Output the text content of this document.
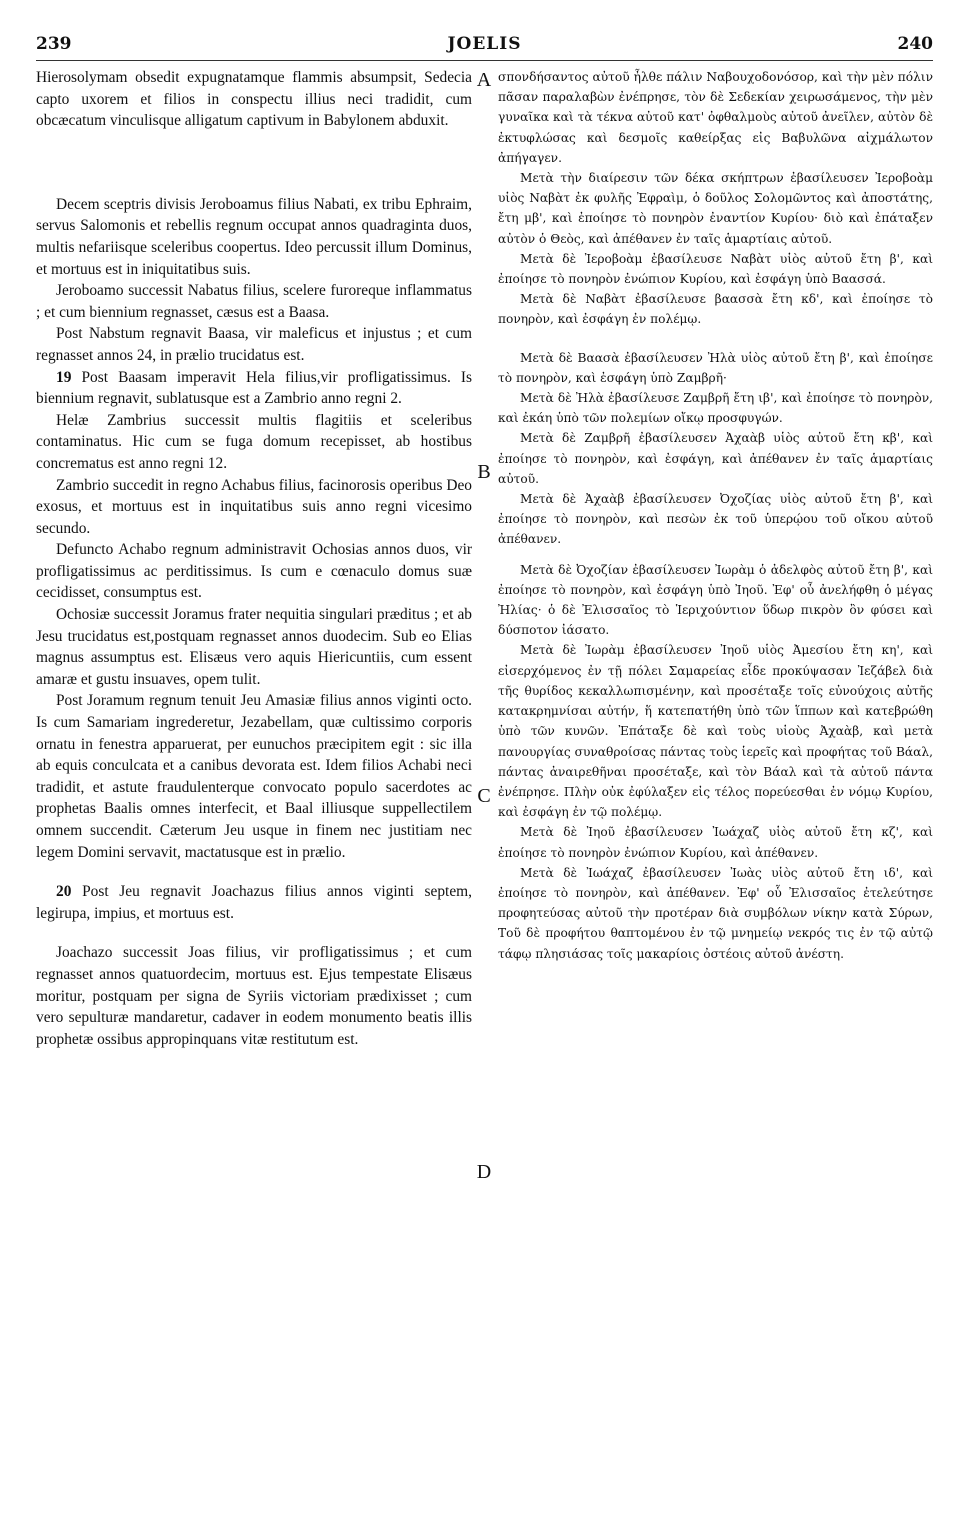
239	JOELIS	240

Hierosolymam obsedit expugnatamque flammis absumpsit, Sedecia capto uxorem et filios in conspectu illius neci tradidit, cum obcæcatum vinculisque alligatum captivum in Babylonem abduxit.

Decem sceptris divisis Jeroboamus filius Nabati, ex tribu Ephraim, servus Salomonis et rebellis regnum occupat annos quadraginta duos, multis nefariisque sceleribus coopertus. Ideo percussit illum Dominus, et mortuus est in iniquitatibus suis.

Jeroboamo successit Nabatus filius, scelere furoreque inflammatus ; et cum biennium regnasset, cæsus est a Baasa.

Post Nabstum regnavit Baasa, vir maleficus et injustus ; et cum regnasset annos 24, in prælio trucidatus est.

19 Post Baasam imperavit Hela filius,vir profligatissimus. Is biennium regnavit, sublatusque est a Zambrio anno regni 2.

Helæ Zambrius successit multis flagitiis et sceleribus contaminatus. Hic cum se fuga domum recepisset, ab hostibus concrematus est anno regni 12.

Zambrio succedit in regno Achabus filius, facinorosis operibus Deo exosus, et mortuus est in inquitatibus suis anno regni vicesimo secundo.

Defuncto Achabo regnum administravit Ochosias annos duos, vir profligatissimus ac perditissimus. Is cum e cœnaculo domus suæ cecidisset, consumptus est.

Ochosiæ successit Joramus frater nequitia singulari præditus ; et ab Jesu trucidatus est,postquam regnasset annos duodecim. Sub eo Elias magnus assumptus est. Elisæus vero aquis Hiericuntiis, cum essent amaræ et gustu insuaves, opem tulit.

Post Joramum regnum tenuit Jeu Amasiæ filius annos viginti octo. Is cum Samariam ingrederetur, Jezabellam, quæ cultissimo corporis ornatu in fenestra apparuerat, per eunuchos præcipitem egit : sic illa ab equis conculcata et a canibus devorata est. Idem filios Achabi neci tradidit, et astute fraudulenterque convocato populo sacerdotes ac prophetas Baalis omnes interfecit, et Baal illiusque suppellectilem omnem succendit. Cæterum Jeu usque in finem nec justitiam nec legem Domini servavit, mactatusque est in prælio.

20 Post Jeu regnavit Joachazus filius annos viginti septem, legirupa, impius, et mortuus est.

Joachazo successit Joas filius, vir profligatissimus ; et cum regnasset annos quatuordecim, mortuus est. Ejus tempestate Elisæus moritur, postquam per signa de Syriis victoriam prædixisset ; cum vero sepulturæ mandaretur, cadaver in eodem monumento beatis illis prophetæ ossibus appropinquans vitæ restitutum est.

A
B
C
D

σπονδήσαντος αὐτοῦ ἦλθε πάλιν Ναβουχοδονόσορ, καὶ τὴν μὲν πόλιν πᾶσαν παραλαβὼν ἐνέπρησε, τὸν δὲ Σεδεκίαν χειρωσάμενος, τὴν μὲν γυναῖκα καὶ τὰ τέκνα αὐτοῦ κατ' ὀφθαλμοὺς αὐτοῦ ἀνεῖλεν, αὐτὸν δὲ ἐκτυφλώσας καὶ δεσμοῖς καθείρξας εἰς Βαβυλῶνα αἰχμάλωτον ἀπήγαγεν.

Μετὰ τὴν διαίρεσιν τῶν δέκα σκήπτρων ἐβασίλευσεν Ἰεροβοὰμ υἱὸς Ναβὰτ ἐκ φυλῆς Ἐφραὶμ, ὁ δοῦλος Σολομῶντος καὶ ἀποστάτης, ἔτη μβ', καὶ ἐποίησε τὸ πονηρὸν ἐναντίον Κυρίου· διὸ καὶ ἐπάταξεν αὐτὸν ὁ Θεὸς, καὶ ἀπέθανεν ἐν ταῖς ἁμαρτίαις αὐτοῦ.

Μετὰ δὲ Ἰεροβοὰμ ἐβασίλευσε Ναβὰτ υἱὸς αὐτοῦ ἔτη β', καὶ ἐποίησε τὸ πονηρὸν ἐνώπιον Κυρίου, καὶ ἐσφάγη ὑπὸ Βαασσά.

Μετὰ δὲ Ναβὰτ ἐβασίλευσε βαασσὰ ἔτη κδ', καὶ ἐποίησε τὸ πονηρὸν, καὶ ἐσφάγη ἐν πολέμῳ.

Μετὰ δὲ Βαασὰ ἐβασίλευσεν Ἠλὰ υἱὸς αὐτοῦ ἔτη β', καὶ ἐποίησε τὸ πονηρὸν, καὶ ἐσφάγη ὑπὸ Ζαμβρῆ·

Μετὰ δὲ Ἠλὰ ἐβασίλευσε Ζαμβρῆ ἔτη ιβ', καὶ ἐποίησε τὸ πονηρὸν, καὶ ἐκάη ὑπὸ τῶν πολεμίων οἴκῳ προσφυγών.

Μετὰ δὲ Ζαμβρῆ ἐβασίλευσεν Ἀχαὰβ υἱὸς αὐτοῦ ἔτη κβ', καὶ ἐποίησε τὸ πονηρὸν, καὶ ἐσφάγη, καὶ ἀπέθανεν ἐν ταῖς ἁμαρτίαις αὐτοῦ.

Μετὰ δὲ Ἀχαὰβ ἐβασίλευσεν Ὀχοζίας υἱὸς αὐτοῦ ἔτη β', καὶ ἐποίησε τὸ πονηρὸν, καὶ πεσὼν ἐκ τοῦ ὑπερῴου τοῦ οἴκου αὐτοῦ ἀπέθανεν.

Μετὰ δὲ Ὀχοζίαν ἐβασίλευσεν Ἰωρὰμ ὁ ἀδελφὸς αὐτοῦ ἔτη β', καὶ ἐποίησε τὸ πονηρὸν, καὶ ἐσφάγη ὑπὸ Ἰηοῦ. Ἐφ' οὗ ἀνελήφθη ὁ μέγας Ἠλίας· ὁ δὲ Ἐλισσαῖος τὸ Ἱεριχούντιον ὕδωρ πικρὸν ὂν φύσει καὶ δύσποτον ἰάσατο.

Μετὰ δὲ Ἰωρὰμ ἐβασίλευσεν Ἰηοῦ υἱὸς Ἀμεσίου ἔτη κη', καὶ εἰσερχόμενος ἐν τῇ πόλει Σαμαρείας εἶδε προκύψασαν Ἰεζάβελ διὰ τῆς θυρίδος κεκαλλωπισμένην, καὶ προσέταξε τοῖς εὐνούχοις αὐτῆς κατακρημνίσαι αὐτήν, ἥ κατεπατήθη ὑπὸ τῶν ἵππων καὶ κατεβρώθη ὑπὸ τῶν κυνῶν. Ἐπάταξε δὲ καὶ τοὺς υἱοὺς Ἀχαὰβ, καὶ μετὰ πανουργίας συναθροίσας πάντας τοὺς ἱερεῖς καὶ προφήτας τοῦ Βάαλ, πάντας ἀναιρεθῆναι προσέταξε, καὶ τὸν Βάαλ καὶ τὰ αὐτοῦ πάντα ἐνέπρησε. Πλὴν οὐκ ἐφύλαξεν εἰς τέλος πορεύεσθαι ἐν νόμῳ Κυρίου, καὶ ἐσφάγη ἐν τῷ πολέμῳ.

Μετὰ δὲ Ἰηοῦ ἐβασίλευσεν Ἰωάχαζ υἱὸς αὐτοῦ ἔτη κζ', καὶ ἐποίησε τὸ πονηρὸν ἐνώπιον Κυρίου, καὶ ἀπέθανεν.

Μετὰ δὲ Ἰωάχαζ ἐβασίλευσεν Ἰωὰς υἱὸς αὐτοῦ ἔτη ιδ', καὶ ἐποίησε τὸ πονηρὸν, καὶ ἀπέθανεν. Ἐφ' οὗ Ἐλισσαῖος ἐτελεύτησε προφητεύσας αὐτοῦ τὴν προτέραν διὰ συμβόλων νίκην κατὰ Σύρων, Τοῦ δὲ προφήτου θαπτομένου ἐν τῷ μνημείῳ νεκρός τις ἐν τῷ αὐτῷ τάφῳ πλησιάσας τοῖς μακαρίοις ὀστέοις αὐτοῦ ἀνέστη.
